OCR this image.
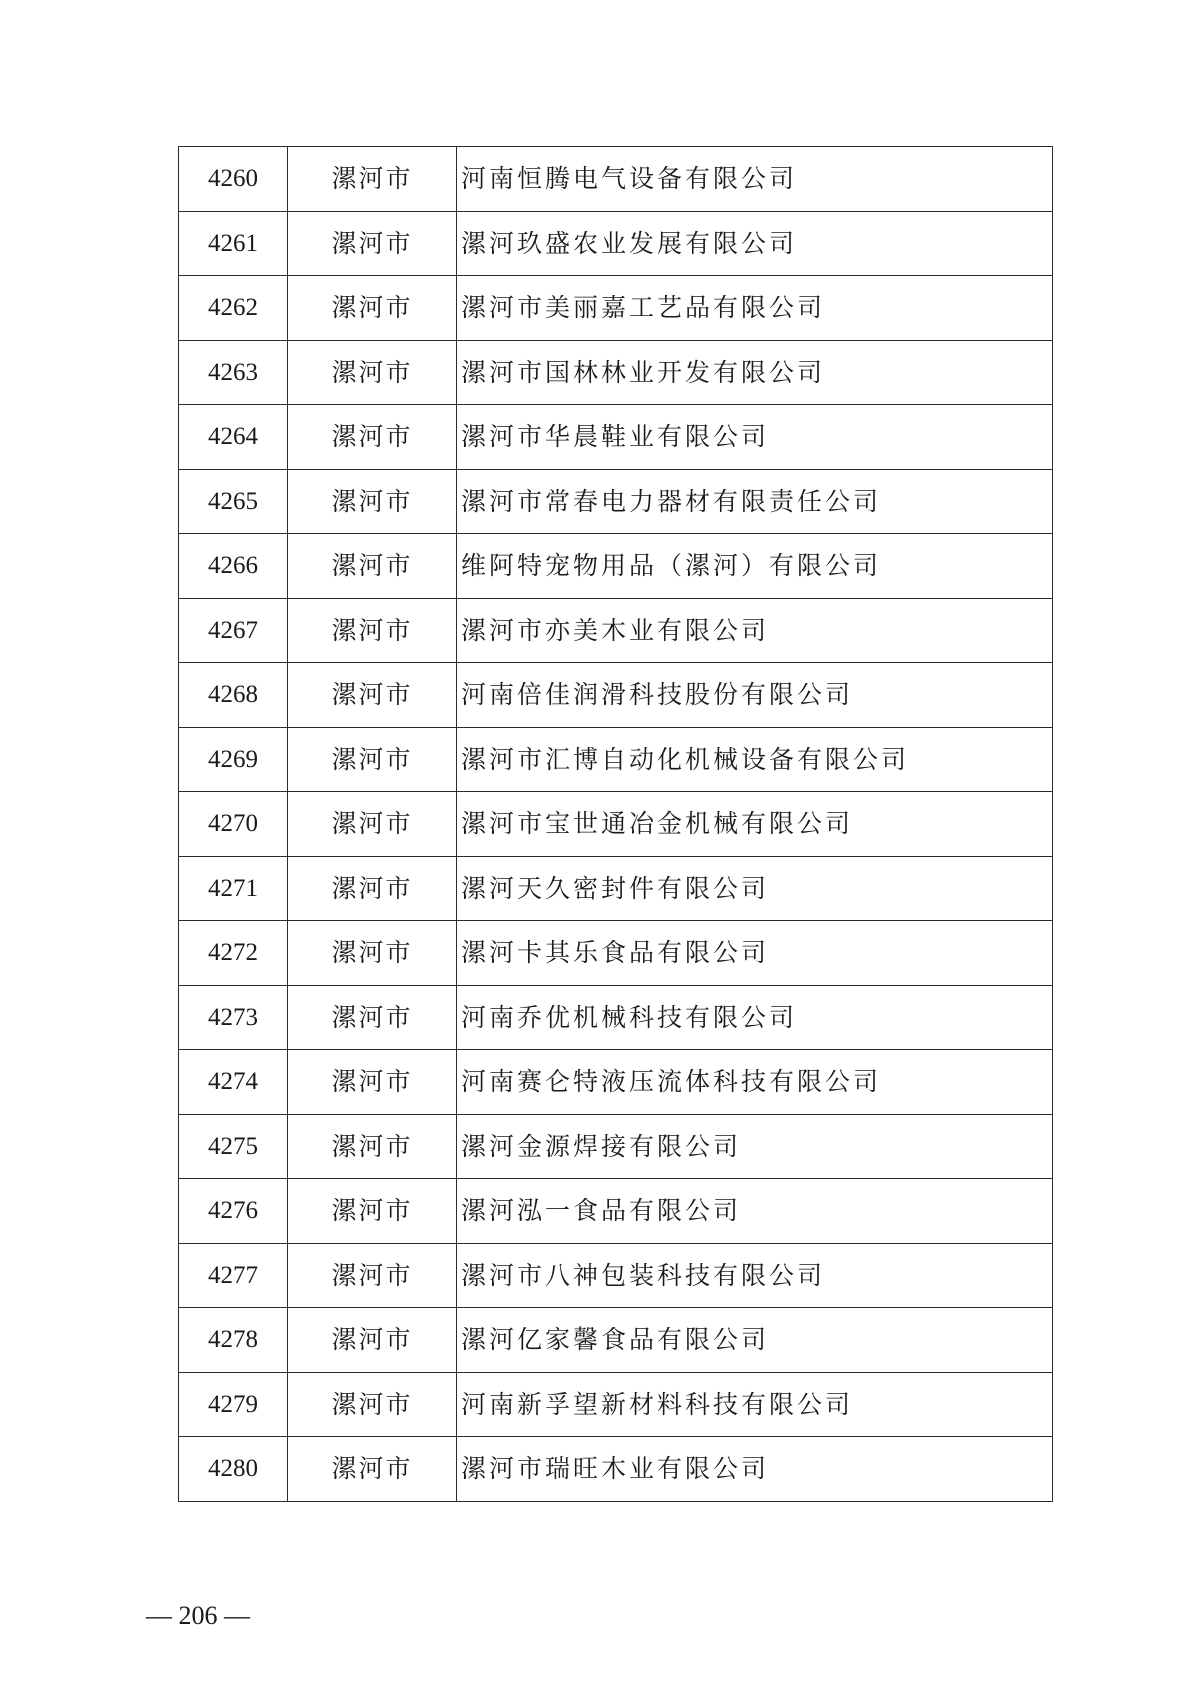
4260	漯河市	河南恒腾电气设备有限公司
4261	漯河市	漯河玖盛农业发展有限公司
4262	漯河市	漯河市美丽嘉工艺品有限公司
4263	漯河市	漯河市国林林业开发有限公司
4264	漯河市	漯河市华晨鞋业有限公司
4265	漯河市	漯河市常春电力器材有限责任公司
4266	漯河市	维阿特宠物用品（漯河）有限公司
4267	漯河市	漯河市亦美木业有限公司
4268	漯河市	河南倍佳润滑科技股份有限公司
4269	漯河市	漯河市汇博自动化机械设备有限公司
4270	漯河市	漯河市宝世通冶金机械有限公司
4271	漯河市	漯河天久密封件有限公司
4272	漯河市	漯河卡其乐食品有限公司
4273	漯河市	河南乔优机械科技有限公司
4274	漯河市	河南赛仑特液压流体科技有限公司
4275	漯河市	漯河金源焊接有限公司
4276	漯河市	漯河泓一食品有限公司
4277	漯河市	漯河市八神包装科技有限公司
4278	漯河市	漯河亿家馨食品有限公司
4279	漯河市	河南新孚望新材料科技有限公司
4280	漯河市	漯河市瑞旺木业有限公司
— 206 —
